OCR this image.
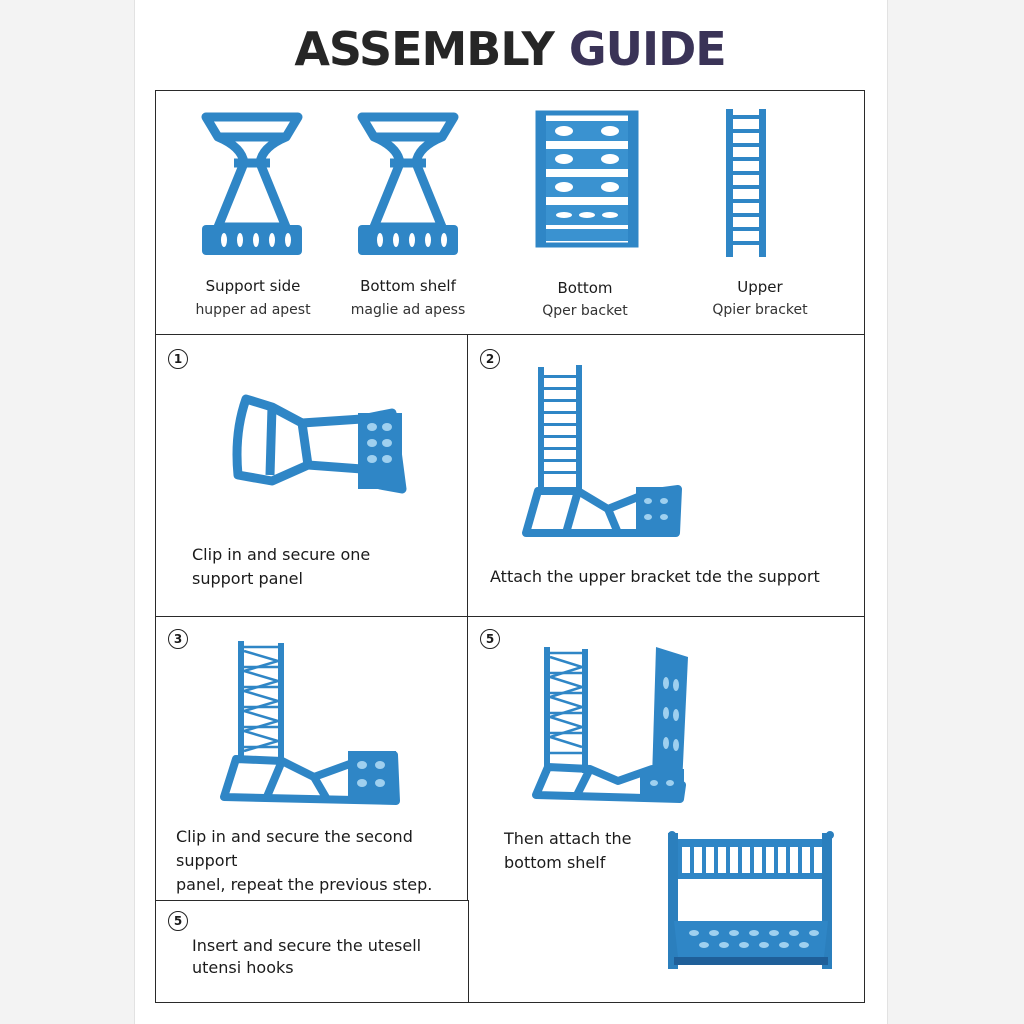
ASSEMBLY GUIDE
Support side
hupper ad apest
Bottom shelf
maglie ad apess
Bottom
Qper backet
Upper
Qpier bracket
1
Clip in and secure one
support panel
2
Attach the upper bracket tde the support
3
Clip in and secure the second support
panel, repeat the previous step.
5
Then attach the
bottom shelf
5
Insert and secure the utesell
utensi hooks
